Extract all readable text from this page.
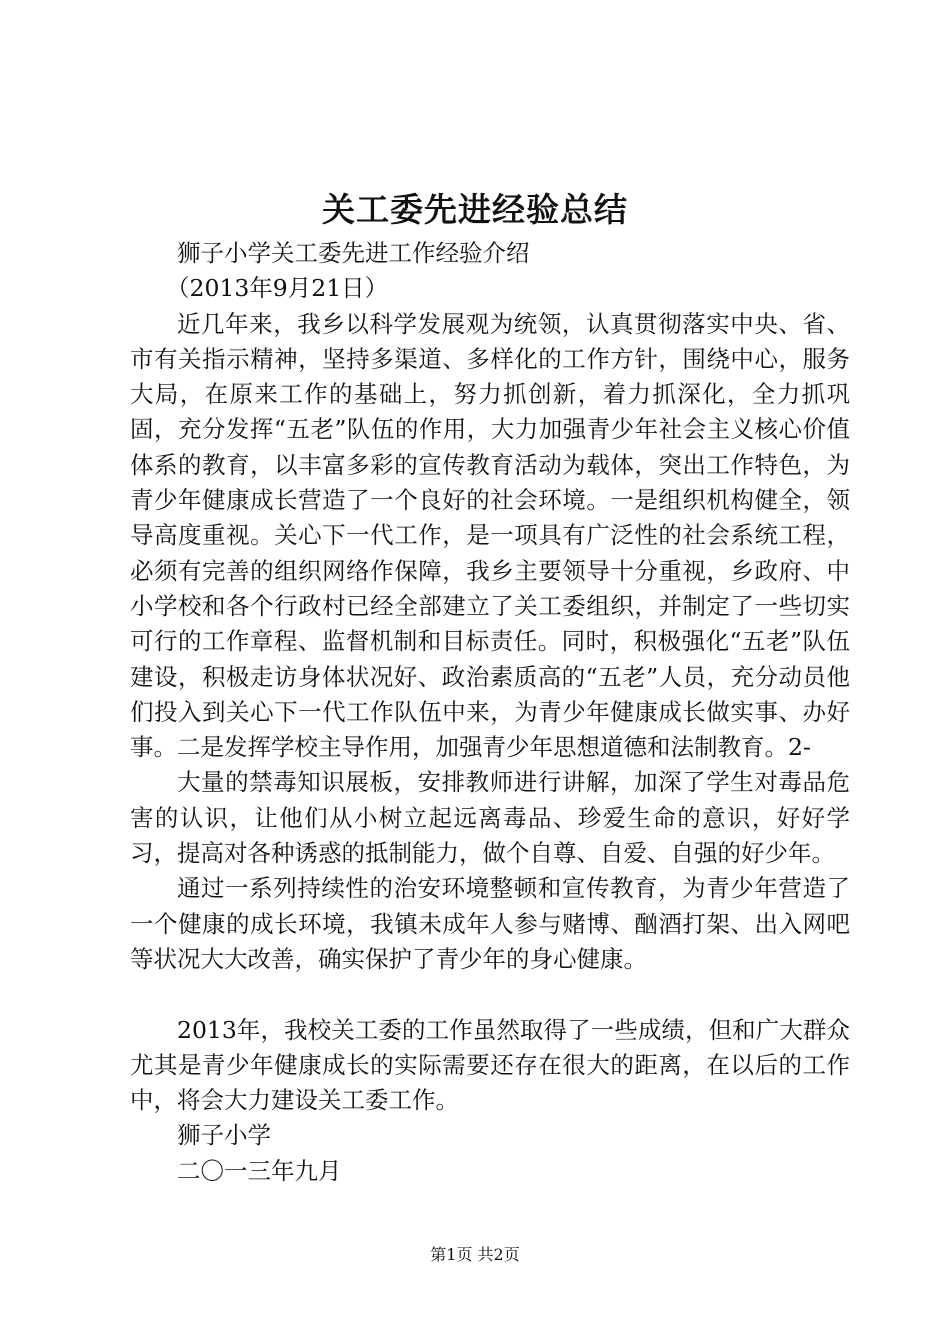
关工委先进经验总结

狮子小学关工委先进工作经验介绍

（2013年9月21日）

近几年来，我乡以科学发展观为统领，认真贯彻落实中央、省、市有关指示精神，坚持多渠道、多样化的工作方针，围绕中心，服务大局，在原来工作的基础上，努力抓创新，着力抓深化，全力抓巩固，充分发挥“五老”队伍的作用，大力加强青少年社会主义核心价值体系的教育，以丰富多彩的宣传教育活动为载体，突出工作特色，为青少年健康成长营造了一个良好的社会环境。一是组织机构健全，领导高度重视。关心下一代工作，是一项具有广泛性的社会系统工程，必须有完善的组织网络作保障，我乡主要领导十分重视，乡政府、中小学校和各个行政村已经全部建立了关工委组织，并制定了一些切实可行的工作章程、监督机制和目标责任。同时，积极强化“五老”队伍建设，积极走访身体状况好、政治素质高的“五老”人员，充分动员他们投入到关心下一代工作队伍中来，为青少年健康成长做实事、办好事。二是发挥学校主导作用，加强青少年思想道德和法制教育。2-

大量的禁毒知识展板，安排教师进行讲解，加深了学生对毒品危害的认识，让他们从小树立起远离毒品、珍爱生命的意识，好好学习，提高对各种诱惑的抵制能力，做个自尊、自爱、自强的好少年。

通过一系列持续性的治安环境整顿和宣传教育，为青少年营造了一个健康的成长环境，我镇未成年人参与赌博、酗酒打架、出入网吧等状况大大改善，确实保护了青少年的身心健康。

2013年，我校关工委的工作虽然取得了一些成绩，但和广大群众尤其是青少年健康成长的实际需要还存在很大的距离，在以后的工作中，将会大力建设关工委工作。

狮子小学

二〇一三年九月

第1页 共2页
